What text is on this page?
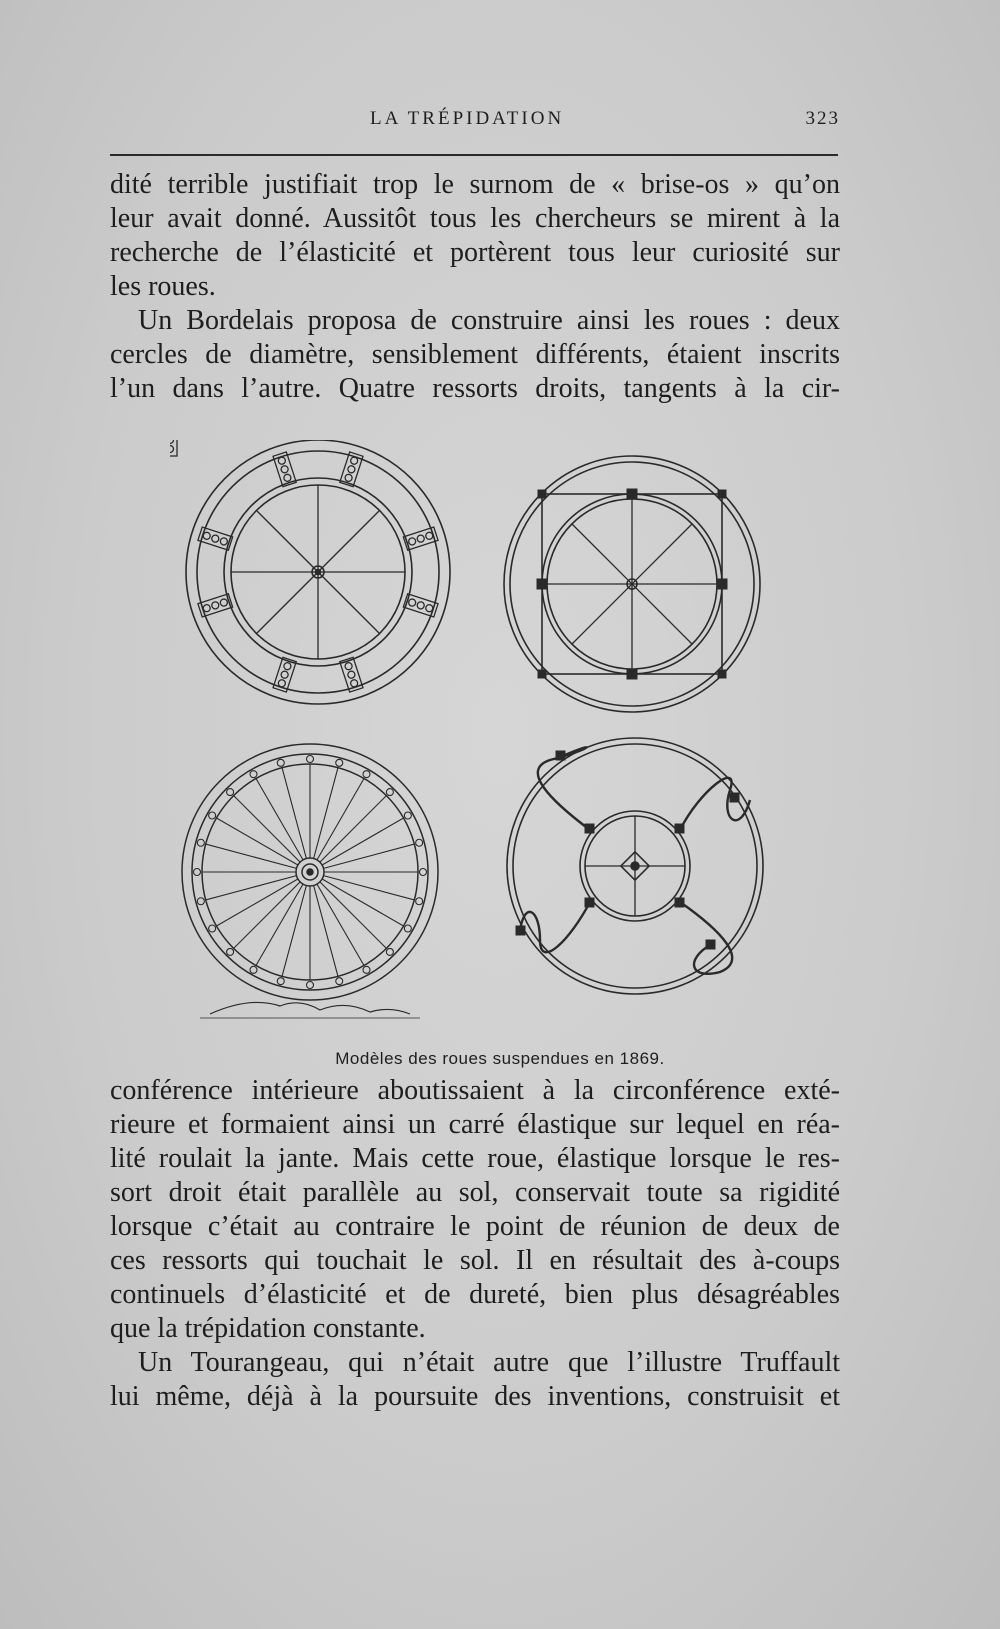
LA TRÉPIDATION	323
dité terrible justifiait trop le surnom de « brise-os » qu’on
leur avait donné. Aussitôt tous les chercheurs se mirent à la
recherche de l’élasticité et portèrent tous leur curiosité sur
les roues.
Un Bordelais proposa de construire ainsi les roues : deux
cercles de diamètre, sensiblement différents, étaient inscrits
l’un dans l’autre. Quatre ressorts droits, tangents à la cir-
Modèles des roues suspendues en 1869.
conférence intérieure aboutissaient à la circonférence exté-
rieure et formaient ainsi un carré élastique sur lequel en réa-
lité roulait la jante. Mais cette roue, élastique lorsque le res-
sort droit était parallèle au sol, conservait toute sa rigidité
lorsque c’était au contraire le point de réunion de deux de
ces ressorts qui touchait le sol. Il en résultait des à-coups
continuels d’élasticité et de dureté, bien plus désagréables
que la trépidation constante.
Un Tourangeau, qui n’était autre que l’illustre Truffault
lui même, déjà à la poursuite des inventions, construisit et
